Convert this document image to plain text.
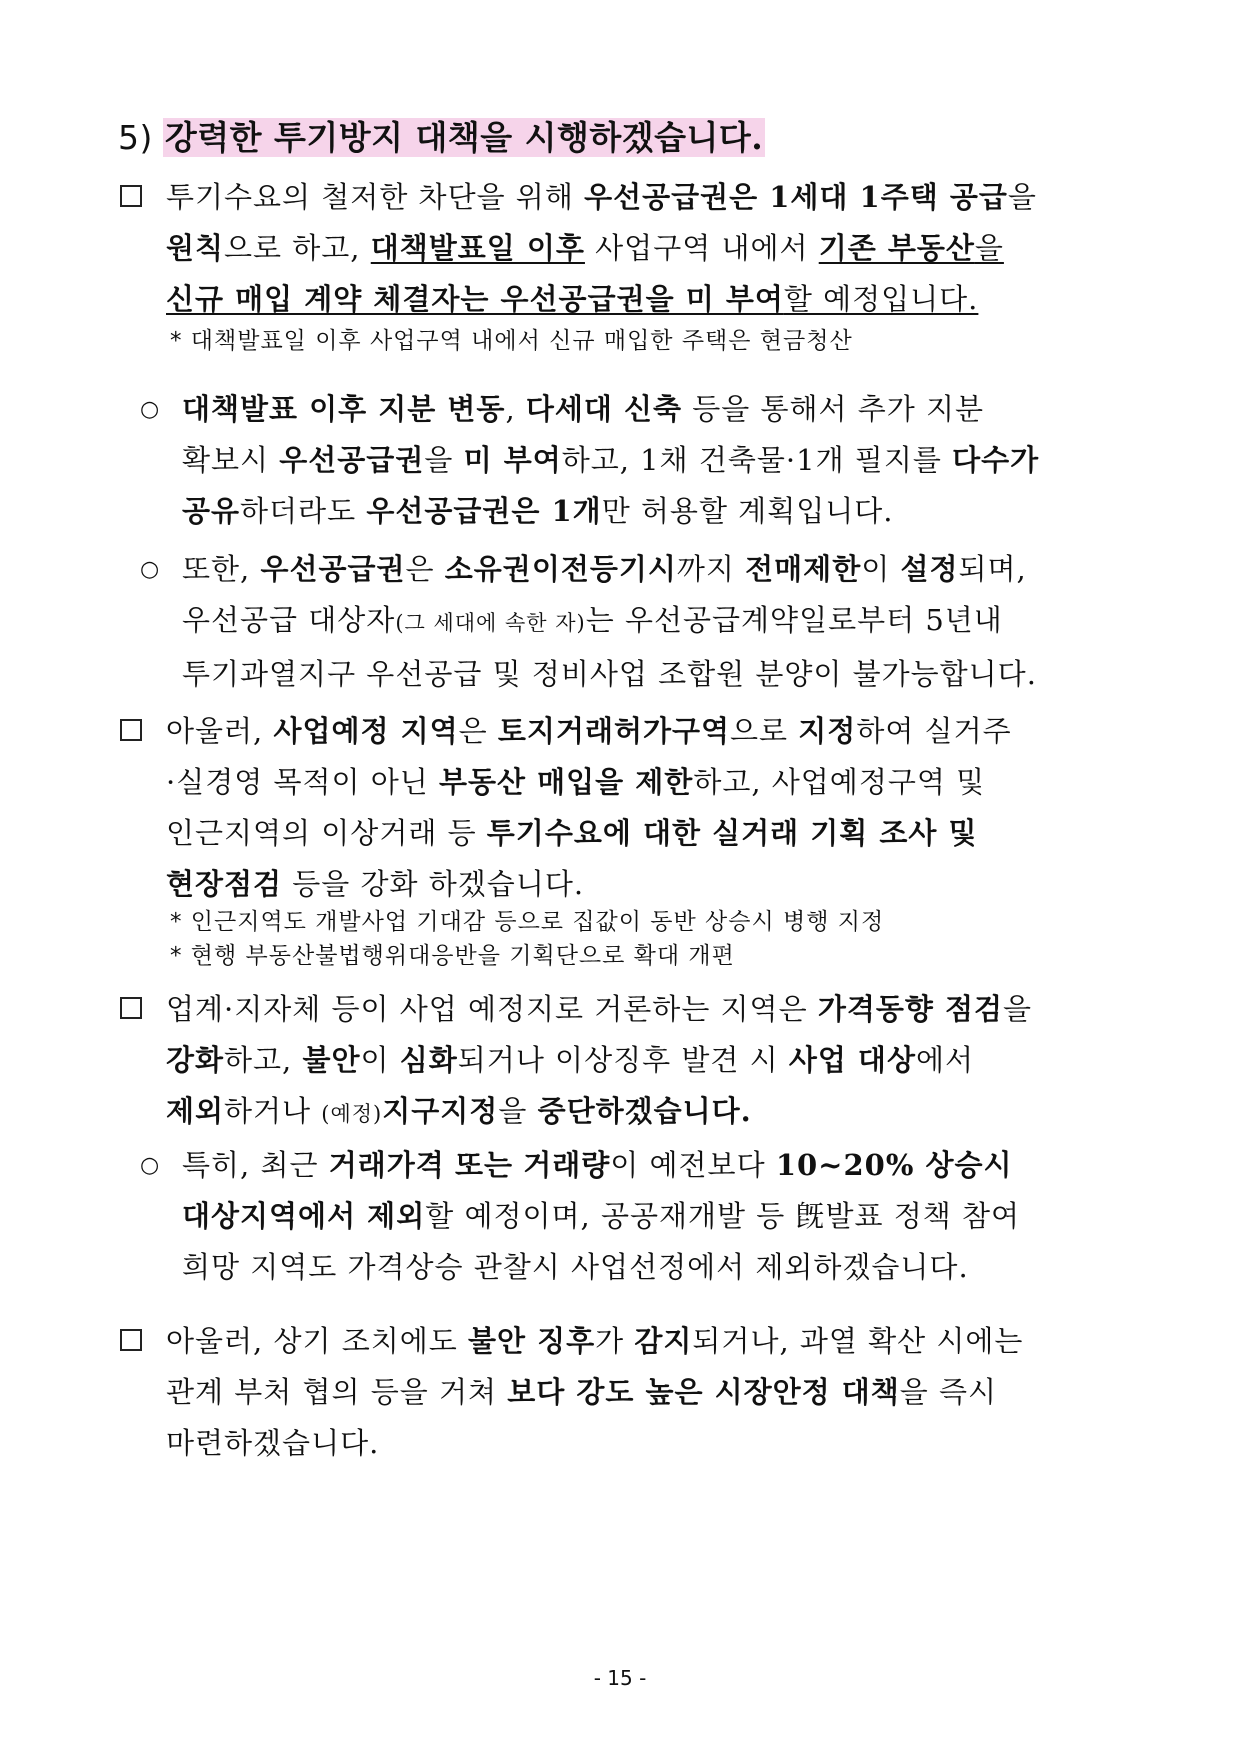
5) 강력한 투기방지 대책을 시행하겠습니다.

투기수요의 철저한 차단을 위해 우선공급권은 1세대 1주택 공급을

원칙으로 하고, 대책발표일 이후 사업구역 내에서 기존 부동산을

신규 매입 계약 체결자는 우선공급권을 미 부여할 예정입니다.

* 대책발표일 이후 사업구역 내에서 신규 매입한 주택은 현금청산
○ 대책발표 이후 지분 변동, 다세대 신축 등을 통해서 추가 지분

확보시 우선공급권을 미 부여하고, 1채 건축물·1개 필지를 다수가

공유하더라도 우선공급권은 1개만 허용할 계획입니다.

○ 또한, 우선공급권은 소유권이전등기시까지 전매제한이 설정되며,

우선공급 대상자(그 세대에 속한 자)는 우선공급계약일로부터 5년내

투기과열지구 우선공급 및 정비사업 조합원 분양이 불가능합니다.

아울러, 사업예정 지역은 토지거래허가구역으로 지정하여 실거주

·실경영 목적이 아닌 부동산 매입을 제한하고, 사업예정구역 및

인근지역의 이상거래 등 투기수요에 대한 실거래 기획 조사 및

현장점검 등을 강화 하겠습니다.

* 인근지역도 개발사업 기대감 등으로 집값이 동반 상승시 병행 지정
* 현행 부동산불법행위대응반을 기획단으로 확대 개편

업계·지자체 등이 사업 예정지로 거론하는 지역은 가격동향 점검을

강화하고, 불안이 심화되거나 이상징후 발견 시 사업 대상에서

제외하거나 (예정)지구지정을 중단하겠습니다.

○ 특히, 최근 거래가격 또는 거래량이 예전보다 10~20% 상승시

대상지역에서 제외할 예정이며, 공공재개발 등 旣발표 정책 참여

희망 지역도 가격상승 관찰시 사업선정에서 제외하겠습니다.

아울러, 상기 조치에도 불안 징후가 감지되거나, 과열 확산 시에는

관계 부처 협의 등을 거쳐 보다 강도 높은 시장안정 대책을 즉시

마련하겠습니다.

- 15 -
